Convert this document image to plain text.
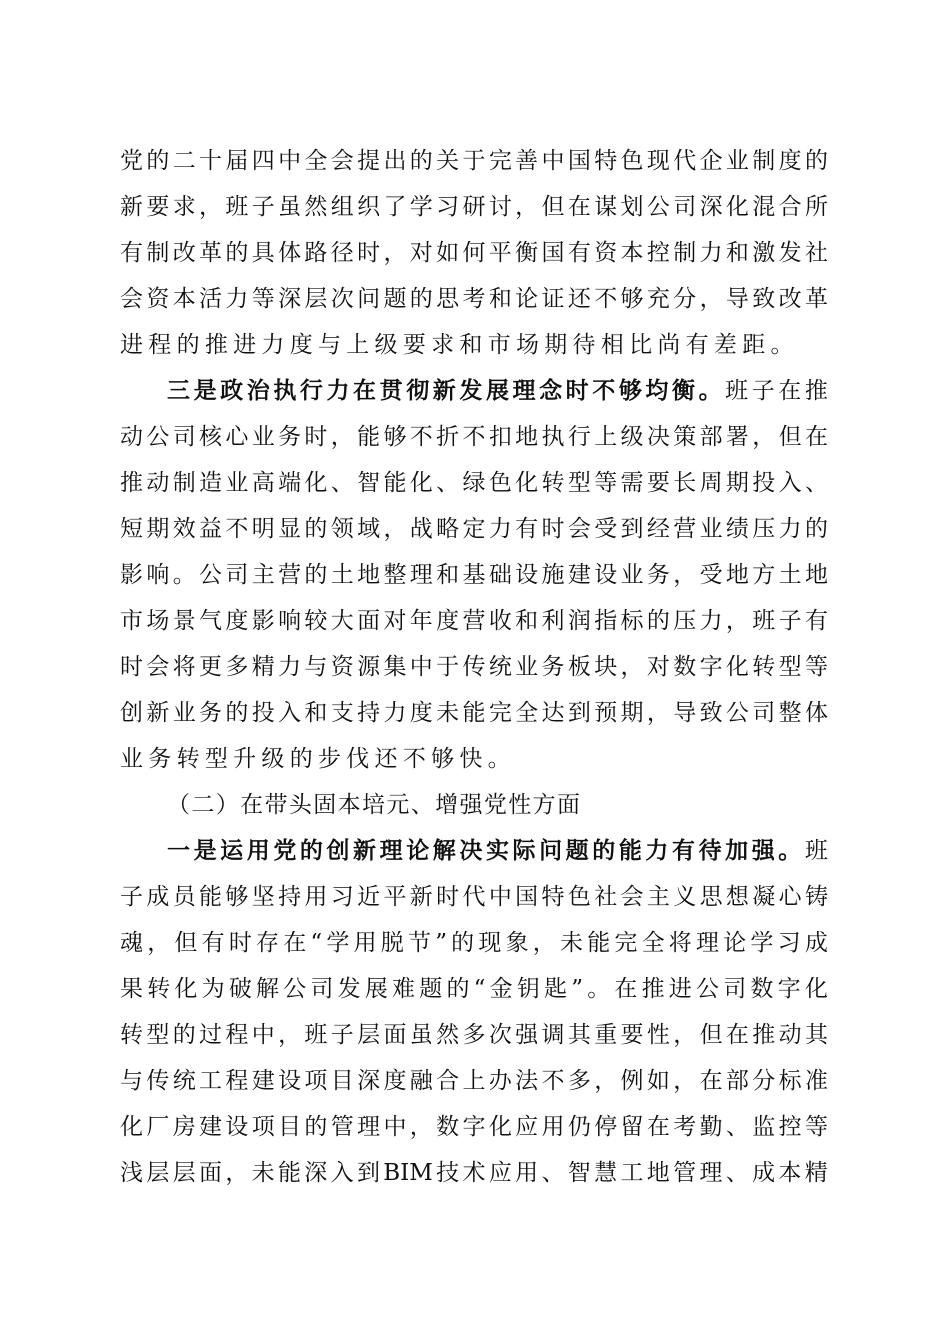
党 的 二 十 届 四 中 全 会 提 出 的 关 于 完 善 中 国 特 色 现 代 企 业 制 度 的
新 要 求 ， 班 子 虽 然 组 织 了 学 习 研 讨 ， 但 在 谋 划 公 司 深 化 混 合 所
有 制 改 革 的 具 体 路 径 时 ， 对 如 何 平 衡 国 有 资 本 控 制 力 和 激 发 社
会 资 本 活 力 等 深 层 次 问 题 的 思 考 和 论 证 还 不 够 充 分 ， 导 致 改 革
进 程 的 推 进 力 度 与 上 级 要 求 和 市 场 期 待 相 比 尚 有 差 距 。
三 是 政 治 执 行 力 在 贯 彻 新 发 展 理 念 时 不 够 均 衡 。 班 子 在 推
动 公 司 核 心 业 务 时 ， 能 够 不 折 不 扣 地 执 行 上 级 决 策 部 署 ， 但 在
推 动 制 造 业 高 端 化 、 智 能 化 、 绿 色 化 转 型 等 需 要 长 周 期 投 入 、
短 期 效 益 不 明 显 的 领 域 ， 战 略 定 力 有 时 会 受 到 经 营 业 绩 压 力 的
影 响 。 公 司 主 营 的 土 地 整 理 和 基 础 设 施 建 设 业 务 ， 受 地 方 土 地
市 场 景 气 度 影 响 较 大 面 对 年 度 营 收 和 利 润 指 标 的 压 力 ， 班 子 有
时 会 将 更 多 精 力 与 资 源 集 中 于 传 统 业 务 板 块 ， 对 数 字 化 转 型 等
创 新 业 务 的 投 入 和 支 持 力 度 未 能 完 全 达 到 预 期 ， 导 致 公 司 整 体
业 务 转 型 升 级 的 步 伐 还 不 够 快 。
（ 二 ） 在 带 头 固 本 培 元 、 增 强 党 性 方 面
一 是 运 用 党 的 创 新 理 论 解 决 实 际 问 题 的 能 力 有 待 加 强 。 班
子 成 员 能 够 坚 持 用 习 近 平 新 时 代 中 国 特 色 社 会 主 义 思 想 凝 心 铸
魂 ， 但 有 时 存 在 “ 学 用 脱 节 ” 的 现 象 ， 未 能 完 全 将 理 论 学 习 成
果 转 化 为 破 解 公 司 发 展 难 题 的 “ 金 钥 匙 ” 。 在 推 进 公 司 数 字 化
转 型 的 过 程 中 ， 班 子 层 面 虽 然 多 次 强 调 其 重 要 性 ， 但 在 推 动 其
与 传 统 工 程 建 设 项 目 深 度 融 合 上 办 法 不 多 ， 例 如 ， 在 部 分 标 准
化 厂 房 建 设 项 目 的 管 理 中 ， 数 字 化 应 用 仍 停 留 在 考 勤 、 监 控 等
浅 层 层 面 ， 未 能 深 入 到 BIM 技 术 应 用 、 智 慧 工 地 管 理 、 成 本 精
